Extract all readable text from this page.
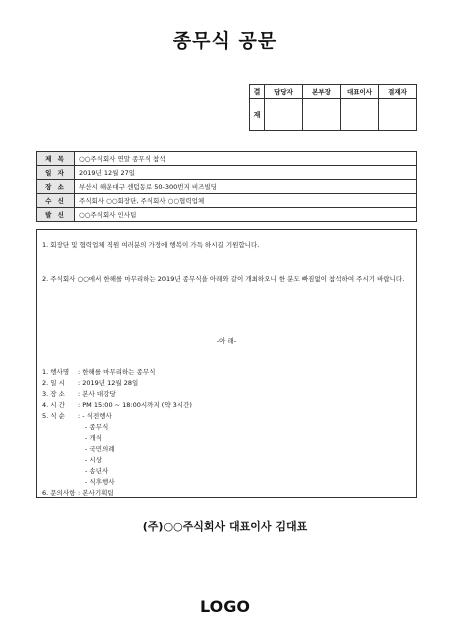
종무식 공문
결	담당자	본부장	대표이사	결재자
재				
제 목	○○주식회사 연말 종무식 참석
일 자	2019년 12월 27일
장 소	부산시 해운대구 센텀동로 50-300번지 비즈빌딩
수 신	주식회사 ○○회장단, 주식회사 ○○협력업체
발 신	○○주식회사 인사팀
1. 회장단 및 협력업체 직원 여러분의 가정에 행복이 가득 하시길 기원합니다.
2. 주식회사 ○○에서 한해를 마무리하는 2019년 종무식을 아래와 같이 개최하오니 한 분도 빠짐없이 참석하여 주시기 바랍니다.
-아 래-
1. 행사명 : 한해를 마무리하는 종무식
2. 일 시 : 2019년 12월 28일
3. 장 소 : 본사 대강당
4. 시 간 : PM 15:00 ~ 18:00시까지 (약 3시간)
5. 식 순 : - 식전행사
- 종무식
- 개식
- 국민의례
- 시상
- 송년사
- 식후행사
6. 문의사항 : 본사기획팀
(주)○○주식회사 대표이사 김대표
LOGO
